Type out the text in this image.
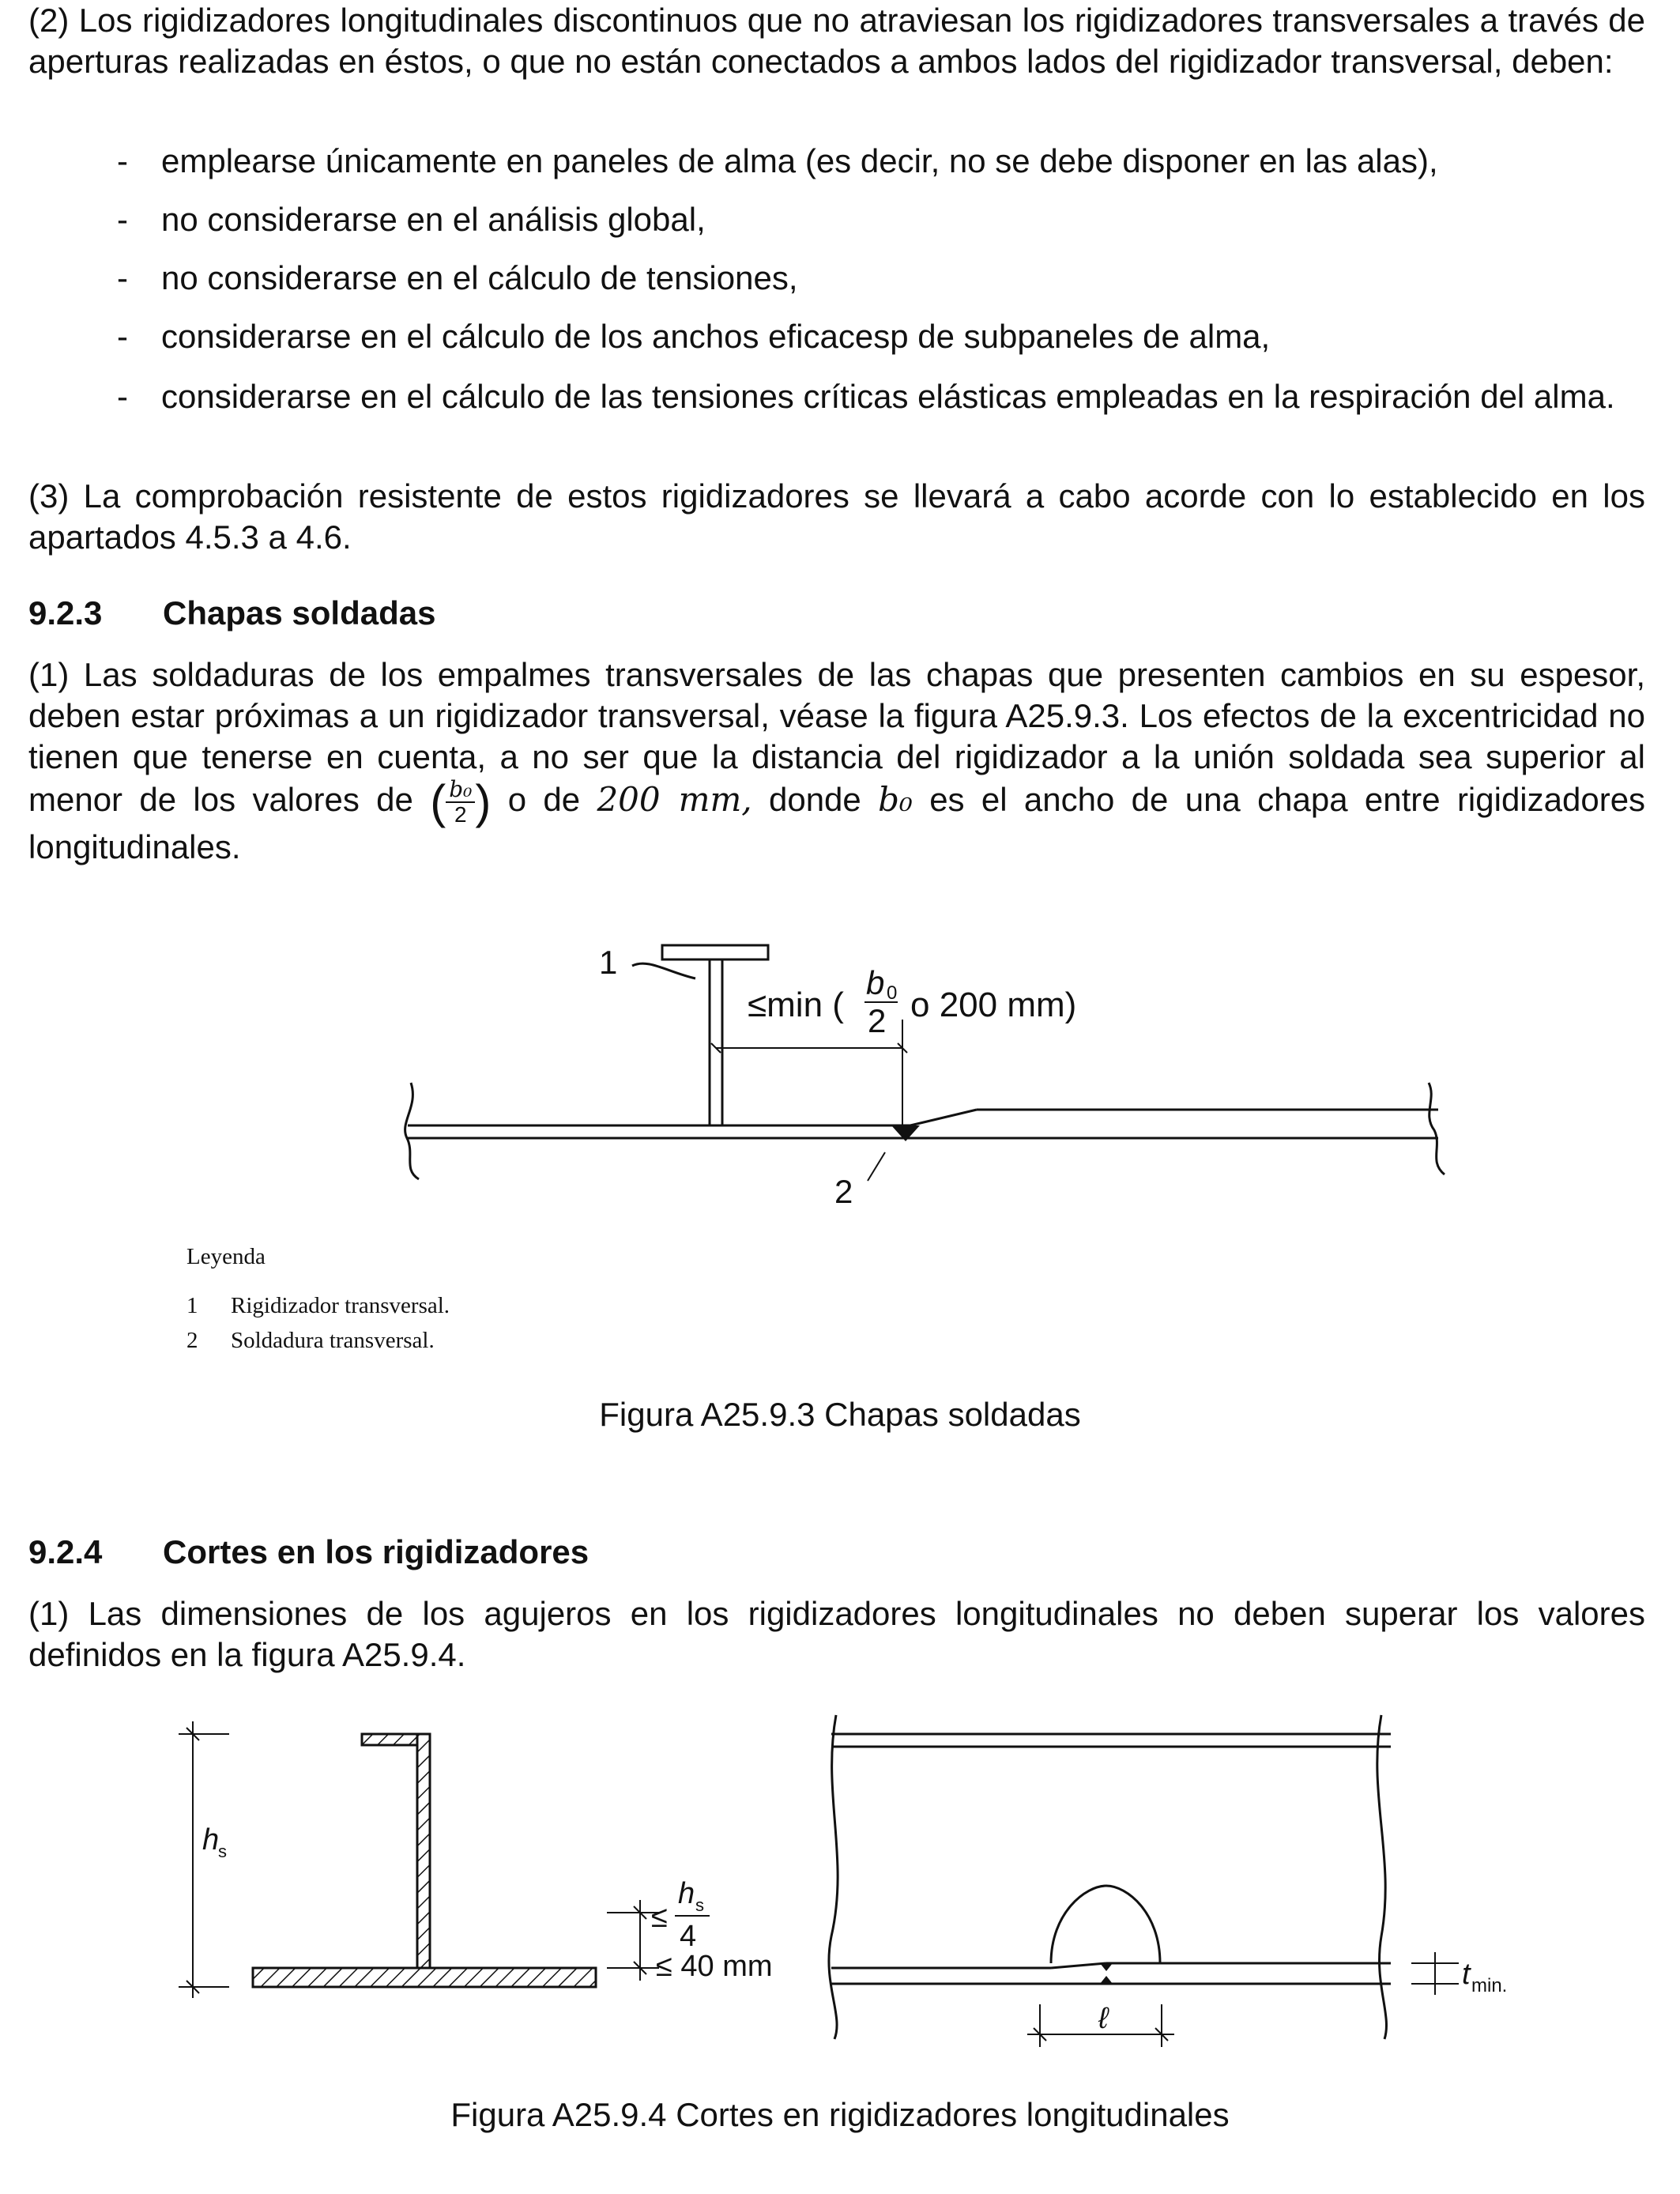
(2) Los rigidizadores longitudinales discontinuos que no atraviesan los rigidizadores transversales a través de aperturas realizadas en éstos, o que no están conectados a ambos lados del rigidizador transversal, deben:

- emplearse únicamente en paneles de alma (es decir, no se debe disponer en las alas),

- no considerarse en el análisis global,

- no considerarse en el cálculo de tensiones,

- considerarse en el cálculo de los anchos eficacesp de subpaneles de alma,

- considerarse en el cálculo de las tensiones críticas elásticas empleadas en la respiración del alma.

(3) La comprobación resistente de estos rigidizadores se llevará a cabo acorde con lo establecido en los apartados 4.5.3 a 4.6.

9.2.3 Chapas soldadas

(1) Las soldaduras de los empalmes transversales de las chapas que presenten cambios en su espesor, deben estar próximas a un rigidizador transversal, véase la figura A25.9.3. Los efectos de la excentricidad no tienen que tenerse en cuenta, a no ser que la distancia del rigidizador a la unión soldada sea superior al menor de los valores de ( $\frac{\text{b₀}}{2}$ ) o de 200 mm, donde b₀ es el ancho de una chapa entre rigidizadores longitudinales.

1
2
≤min (
b 0
2 o 200 mm)
Leyenda
1 Rigidizador transversal.
2 Soldadura transversal.
Figura A25.9.3 Chapas soldadas
9.2.4 Cortes en los rigidizadores

(1) Las dimensiones de los agujeros en los rigidizadores longitudinales no deben superar los valores definidos en la figura A25.9.4.

h
s
h s
≤
4
≤ 40 mm
ℓ
t min.
Figura A25.9.4 Cortes en rigidizadores longitudinales
